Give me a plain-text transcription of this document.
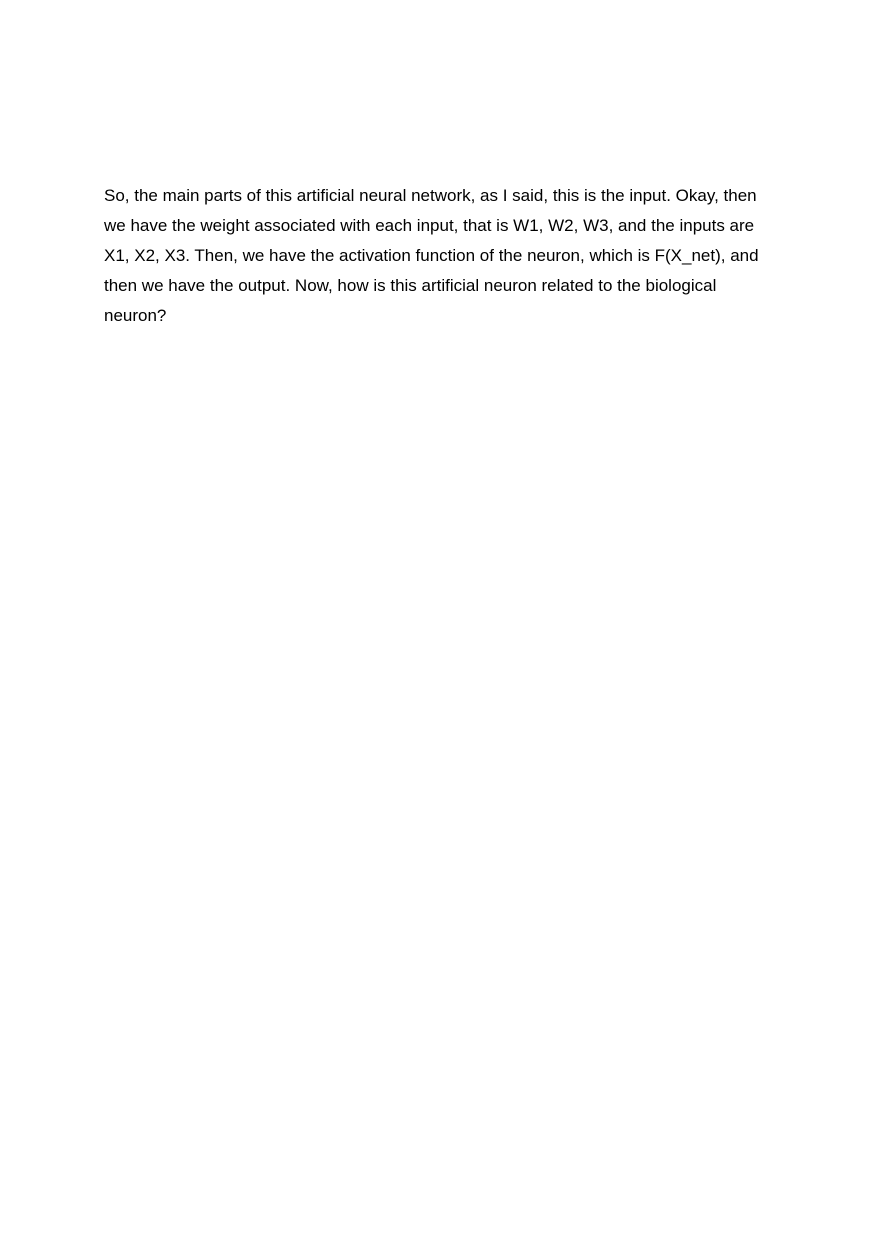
So, the main parts of this artificial neural network, as I said, this is the input. Okay, then
we have the weight associated with each input, that is W1, W2, W3, and the inputs are
X1, X2, X3. Then, we have the activation function of the neuron, which is F(X_net), and
then we have the output. Now, how is this artificial neuron related to the biological
neuron?
